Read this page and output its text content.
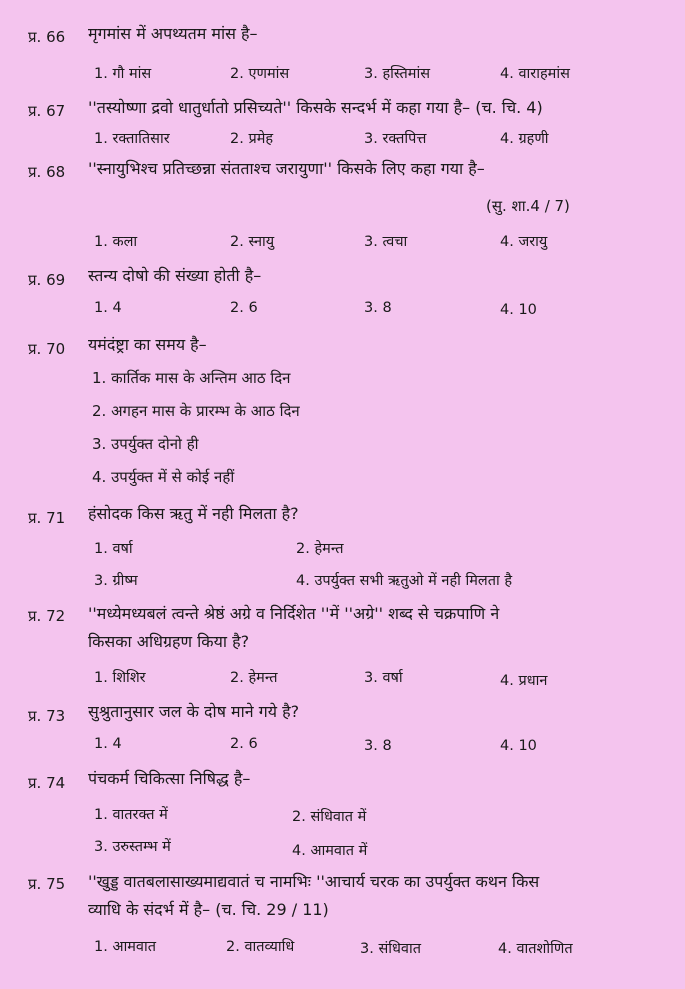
प्र. 66 मृगमांस में अपथ्यतम मांस है–
1. गौ मांस	2. एणमांस	3. हस्तिमांस	4. वाराहमांस
प्र. 67 ''तस्योष्णा द्रवो धातुर्धातो प्रसिच्यते'' किसके सन्दर्भ में कहा गया है– (च. चि. 4)
1. रक्तातिसार	2. प्रमेह	3. रक्तपित्त	4. ग्रहणी
प्र. 68 ''स्नायुभिश्च प्रतिच्छन्ना संतताश्च जरायुणा'' किसके लिए कहा गया है–
(सु. शा.4 / 7)
1. कला	2. स्नायु	3. त्वचा	4. जरायु
प्र. 69 स्तन्य दोषो की संख्या होती है–
1. 4	2. 6	3. 8	4. 10
प्र. 70 यमंदंष्ट्रा का समय है–
1. कार्तिक मास के अन्तिम आठ दिन
2. अगहन मास के प्रारम्भ के आठ दिन
3. उपर्युक्त दोनो ही
4. उपर्युक्त में से कोई नहीं
प्र. 71 हंसोदक किस ऋतु में नही मिलता है?
1. वर्षा	2. हेमन्त
3. ग्रीष्म	4. उपर्युक्त सभी ऋतुओ में नही मिलता है
प्र. 72 ''मध्येमध्यबलं त्वन्ते श्रेष्ठं अग्रे व निर्दिशेत ''में ''अग्रे'' शब्द से चक्रपाणि ने
किसका अधिग्रहण किया है?
1. शिशिर	2. हेमन्त	3. वर्षा	4. प्रधान
प्र. 73 सुश्रुतानुसार जल के दोष माने गये है?
1. 4	2. 6	3. 8	4. 10
प्र. 74 पंचकर्म चिकित्सा निषिद्ध है–
1. वातरक्त में	2. संधिवात में
3. उरुस्तम्भ में	4. आमवात में
प्र. 75 ''खुड्ड वातबलासाख्यमाद्यवातं च नामभिः ''आचार्य चरक का उपर्युक्त कथन किस
व्याधि के संदर्भ में है– (च. चि. 29 / 11)
1. आमवात	2. वातव्याधि	3. संधिवात	4. वातशोणित
